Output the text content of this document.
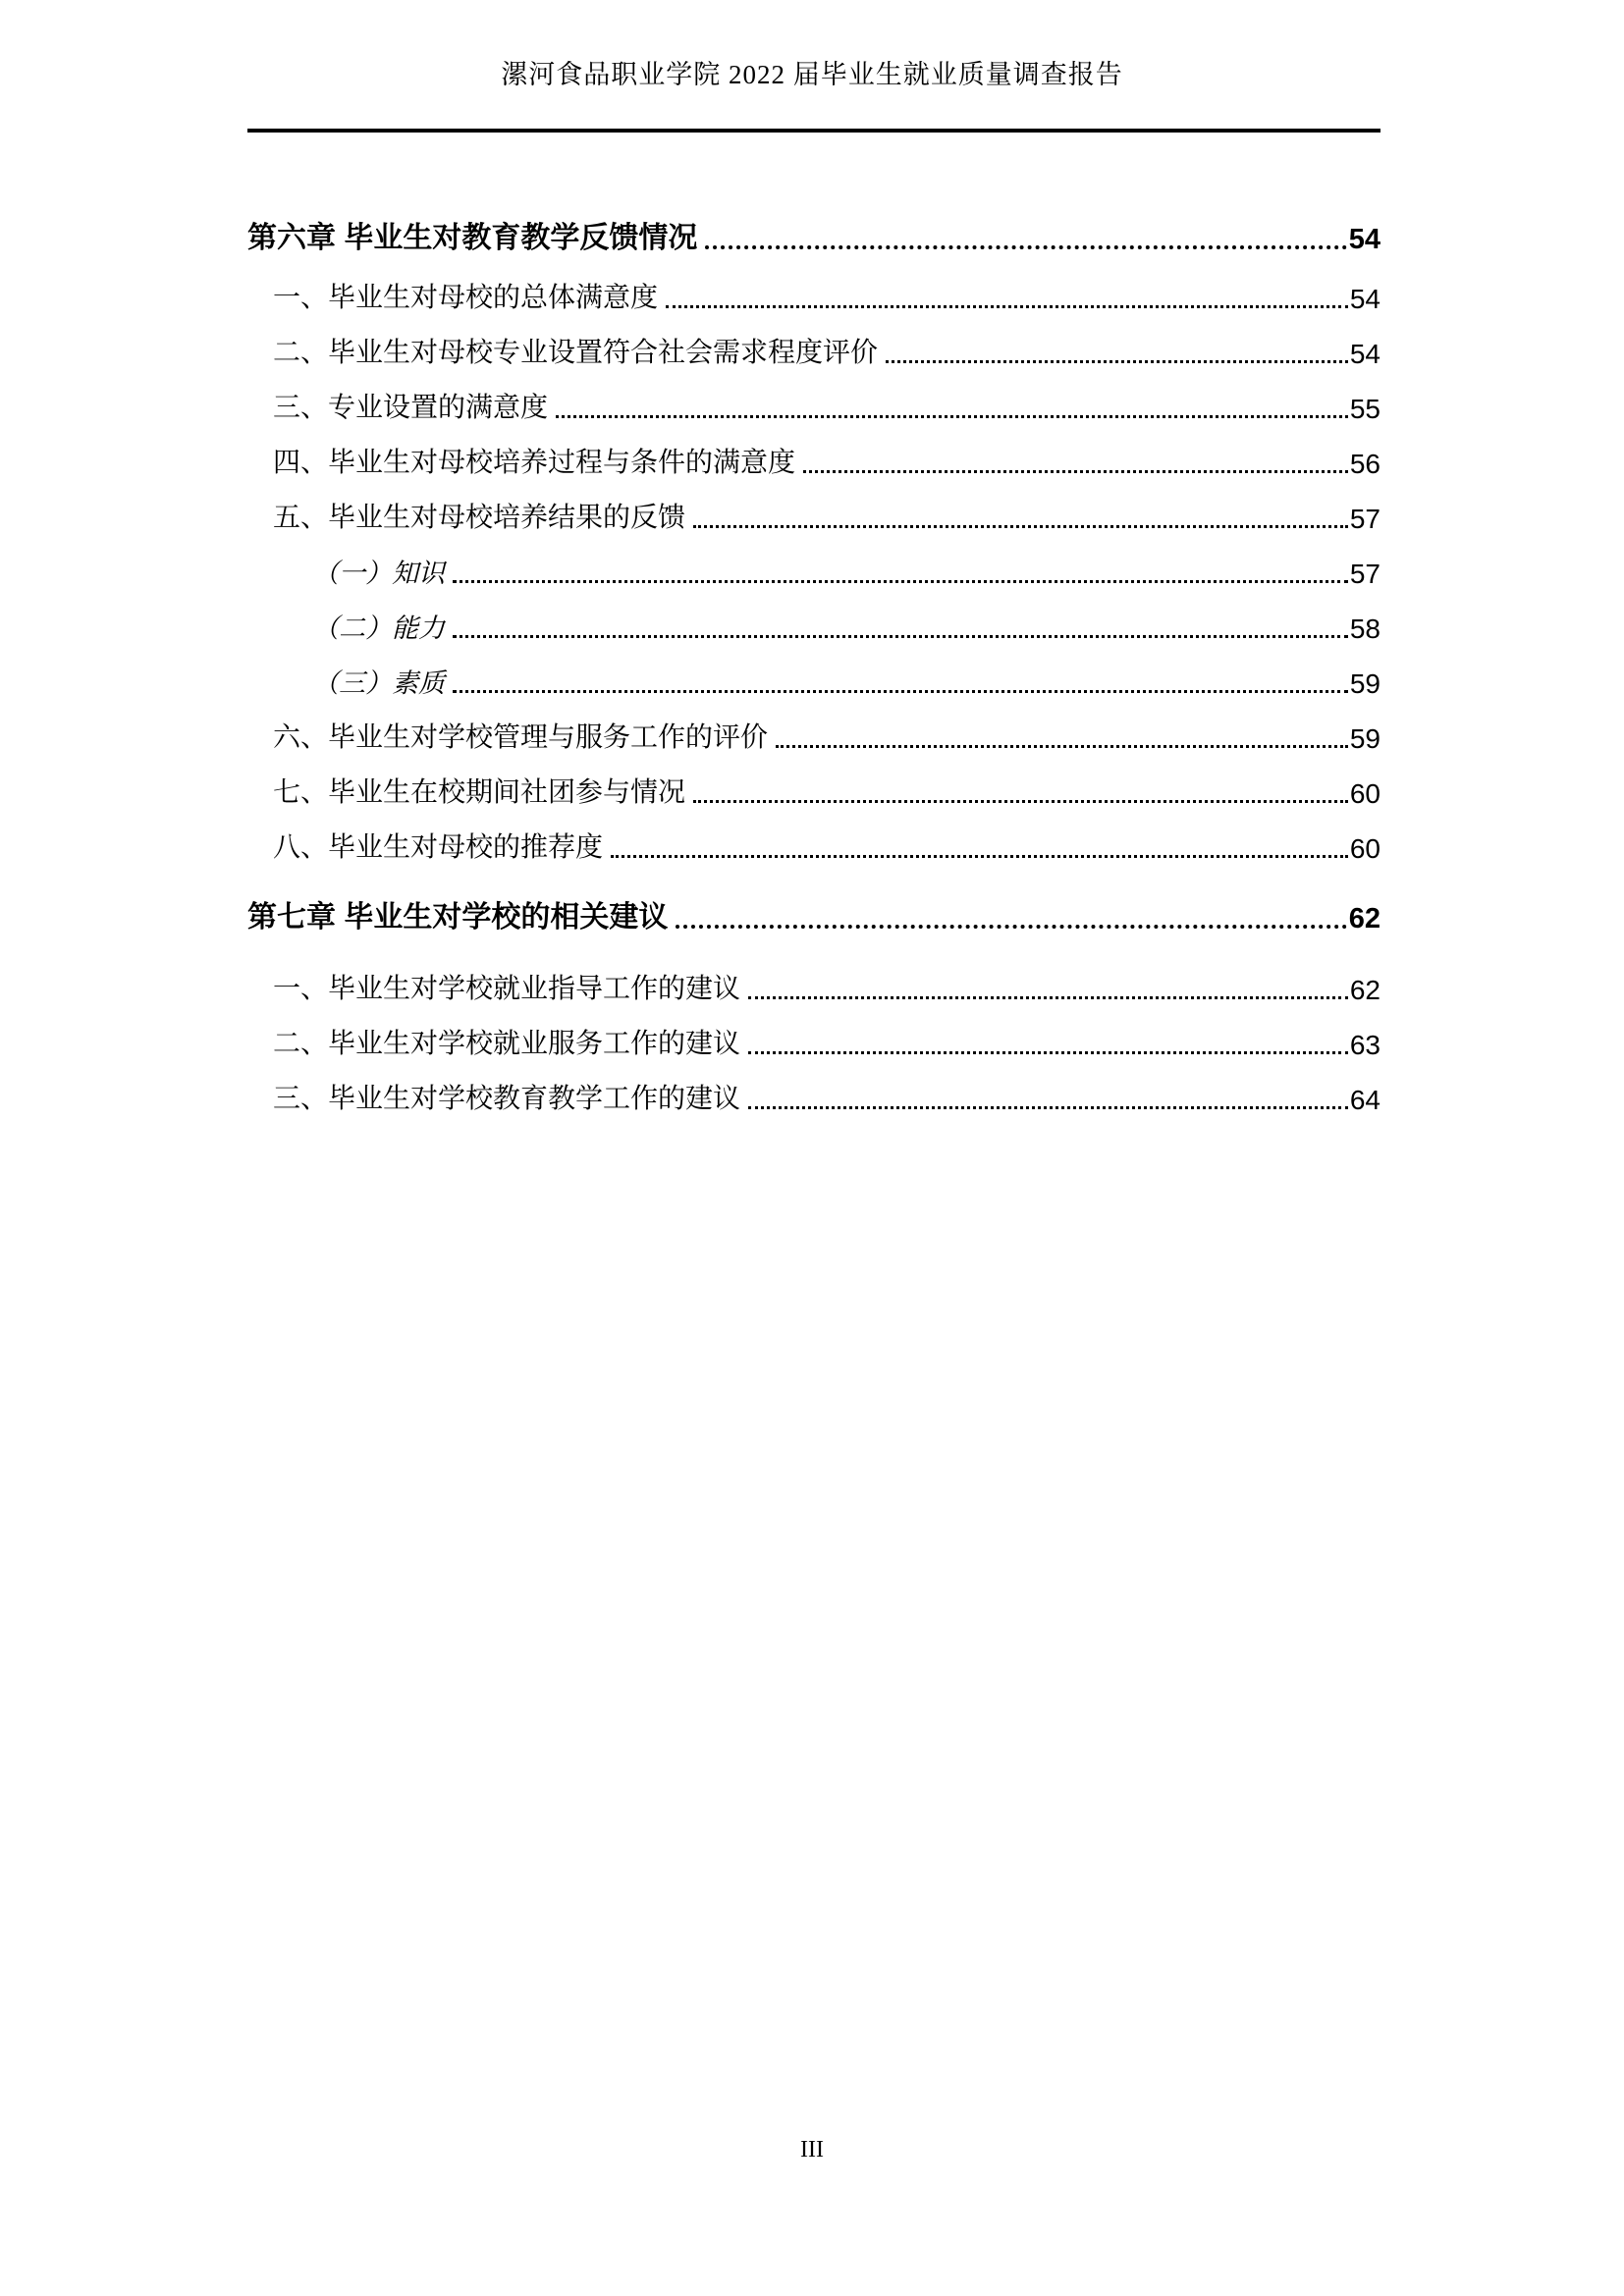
漯河食品职业学院 2022 届毕业生就业质量调查报告
第六章 毕业生对教育教学反馈情况	54
一、毕业生对母校的总体满意度	54
二、毕业生对母校专业设置符合社会需求程度评价	54
三、专业设置的满意度	55
四、毕业生对母校培养过程与条件的满意度	56
五、毕业生对母校培养结果的反馈	57
（一）知识	57
（二）能力	58
（三）素质	59
六、毕业生对学校管理与服务工作的评价	59
七、毕业生在校期间社团参与情况	60
八、毕业生对母校的推荐度	60
第七章 毕业生对学校的相关建议	62
一、毕业生对学校就业指导工作的建议	62
二、毕业生对学校就业服务工作的建议	63
三、毕业生对学校教育教学工作的建议	64
III
